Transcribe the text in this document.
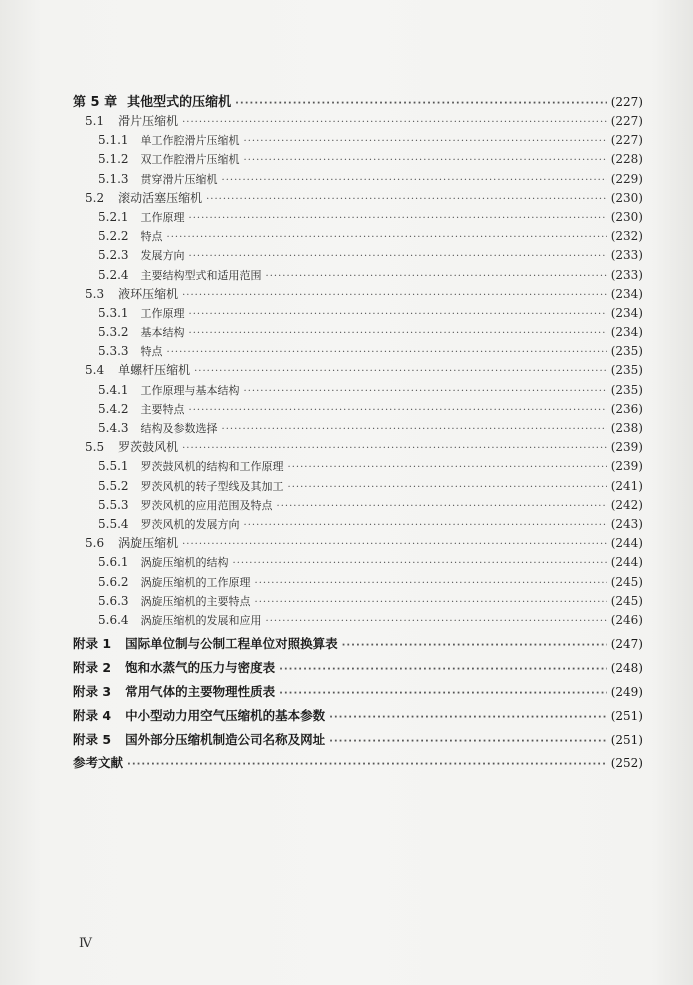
第 5 章 其他型式的压缩机 ·····	(227)
5.1 滑片压缩机 ·····	(227)
5.1.1 单工作腔滑片压缩机 ·····	(227)
5.1.2 双工作腔滑片压缩机 ·····	(228)
5.1.3 贯穿滑片压缩机 ·····	(229)
5.2 滚动活塞压缩机 ·····	(230)
5.2.1 工作原理 ·····	(230)
5.2.2 特点 ·····	(232)
5.2.3 发展方向 ·····	(233)
5.2.4 主要结构型式和适用范围 ·····	(233)
5.3 液环压缩机 ·····	(234)
5.3.1 工作原理 ·····	(234)
5.3.2 基本结构 ·····	(234)
5.3.3 特点 ·····	(235)
5.4 单螺杆压缩机 ·····	(235)
5.4.1 工作原理与基本结构 ·····	(235)
5.4.2 主要特点 ·····	(236)
5.4.3 结构及参数选择 ·····	(238)
5.5 罗茨鼓风机 ·····	(239)
5.5.1 罗茨鼓风机的结构和工作原理 ·····	(239)
5.5.2 罗茨风机的转子型线及其加工 ·····	(241)
5.5.3 罗茨风机的应用范围及特点 ·····	(242)
5.5.4 罗茨风机的发展方向 ·····	(243)
5.6 涡旋压缩机 ·····	(244)
5.6.1 涡旋压缩机的结构 ·····	(244)
5.6.2 涡旋压缩机的工作原理 ·····	(245)
5.6.3 涡旋压缩机的主要特点 ·····	(245)
5.6.4 涡旋压缩机的发展和应用 ·····	(246)
附录 1 国际单位制与公制工程单位对照换算表 ·····	(247)
附录 2 饱和水蒸气的压力与密度表 ·····	(248)
附录 3 常用气体的主要物理性质表 ·····	(249)
附录 4 中小型动力用空气压缩机的基本参数 ·····	(251)
附录 5 国外部分压缩机制造公司名称及网址 ·····	(251)
参考文献 ·····	(252)
Ⅳ
